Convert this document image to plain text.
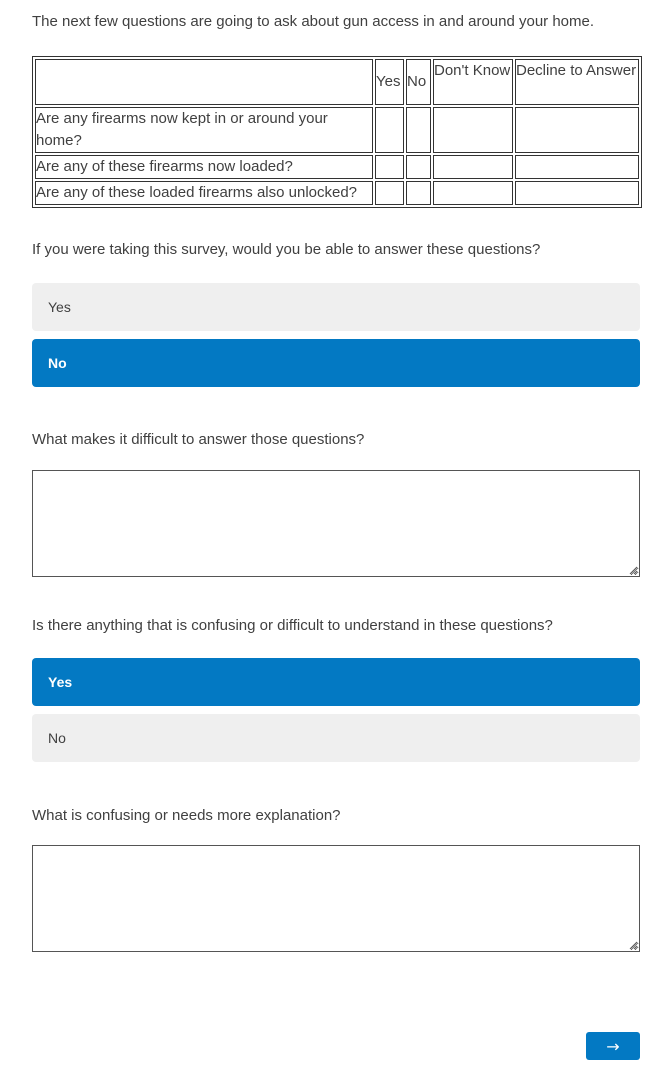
The next few questions are going to ask about gun access in and around your home.

	Yes	No	Don't Know	Decline to Answer
Are any firearms now kept in or around your home?				
Are any of these firearms now loaded?				
Are any of these loaded firearms also unlocked?				

If you were taking this survey, would you be able to answer these questions?

Yes
No

What makes it difficult to answer those questions?

Is there anything that is confusing or difficult to understand in these questions?

Yes
No

What is confusing or needs more explanation?

→
